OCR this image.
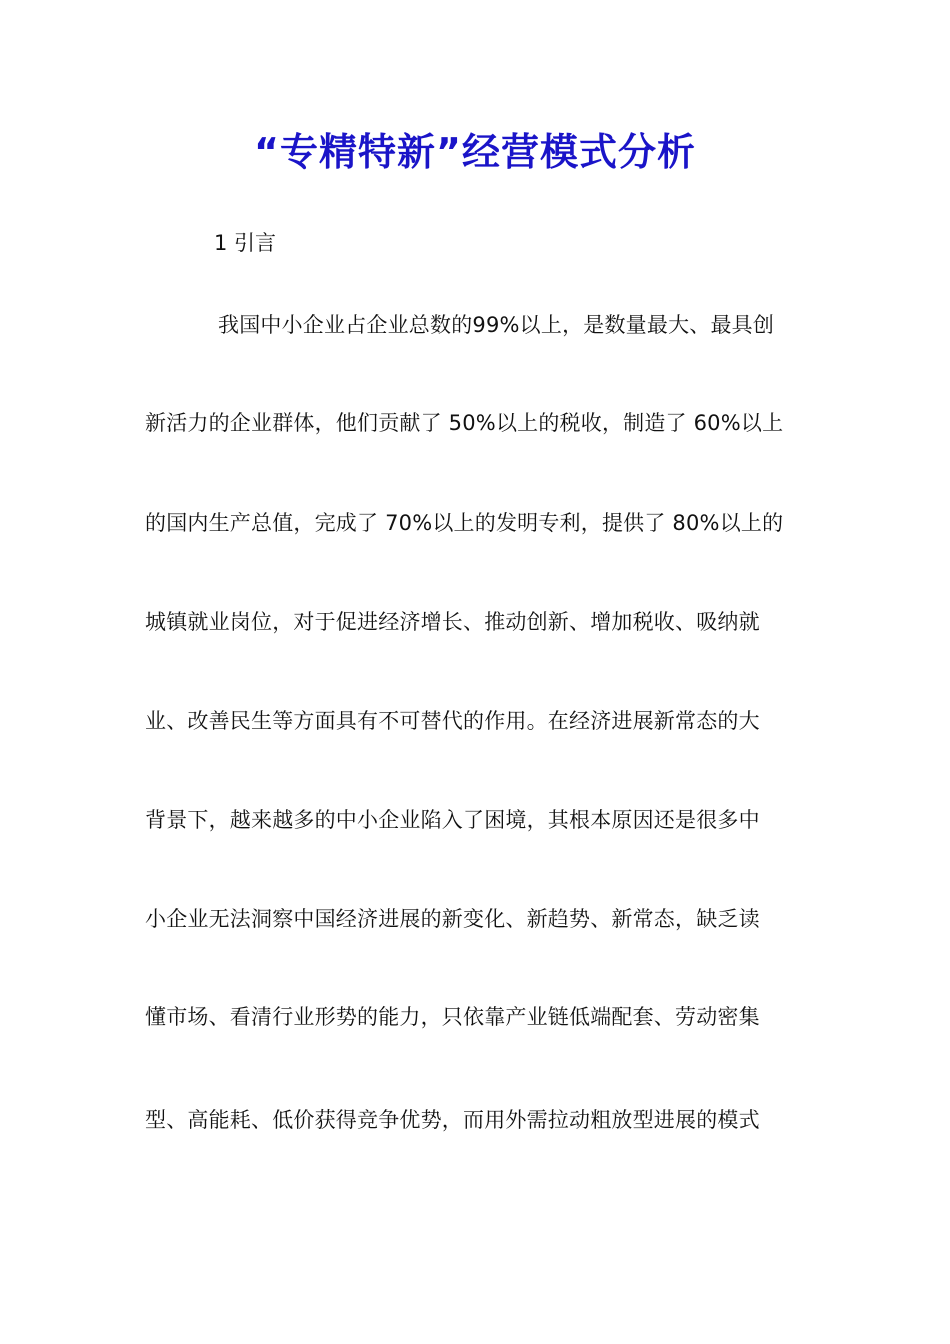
“专精特新”经营模式分析
1 引言
我国中小企业占企业总数的99%以上，是数量最大、最具创
新活力的企业群体，他们贡献了 50%以上的税收，制造了 60%以上
的国内生产总值，完成了 70%以上的发明专利，提供了 80%以上的
城镇就业岗位，对于促进经济增长、推动创新、增加税收、吸纳就
业、改善民生等方面具有不可替代的作用。在经济进展新常态的大
背景下，越来越多的中小企业陷入了困境，其根本原因还是很多中
小企业无法洞察中国经济进展的新变化、新趋势、新常态，缺乏读
懂市场、看清行业形势的能力，只依靠产业链低端配套、劳动密集
型、高能耗、低价获得竞争优势，而用外需拉动粗放型进展的模式
